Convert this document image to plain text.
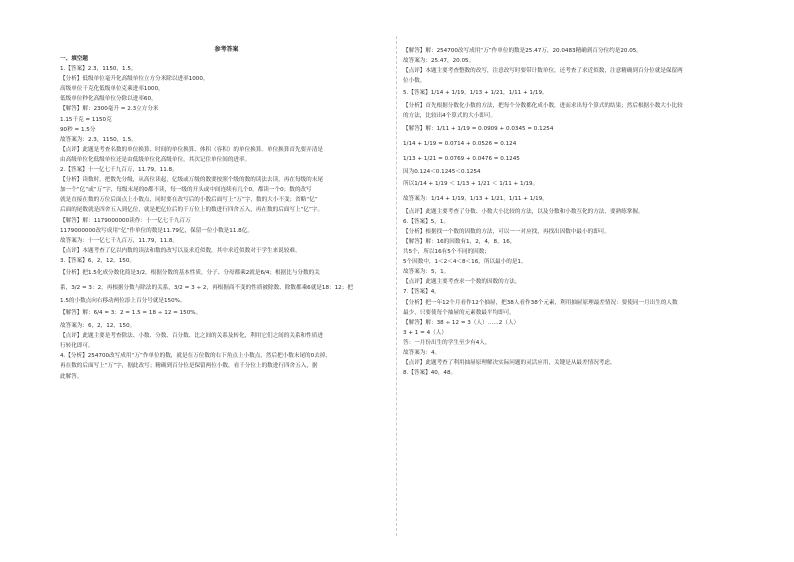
参考答案
一、填空题
1.【答案】2.3，1150，1.5。
【分析】低级单位毫升化高级单位立方分米除以进率1000。
高级单位千克化低级单位克乘进率1000。
低级单位秒化高级单位分除以进率60。
【解答】解：2300毫升 = 2.3立方分米
1.15千克 = 1150克
90秒 = 1.5分
故答案为：2.3，1150，1.5。
【点评】此题是考查名数的单位换算、时间的单位换算、体积（容积）的单位换算。单位换算首先要弄清是
由高级单位化低级单位还是由低级单位化高级单位，其次记住单位间的进率。
2.【答案】十一亿七千九百万，11.79，11.8。
【分析】读数时，把数先分级，从高位读起，亿级或万级的数要按照个级的数的读法去读，再在每级的末尾
加一个“亿”或“万”字，每级末尾的0都不读，每一级的开头或中间连续有几个0，都读一个0；数的改写
就是直接在数的万位后面点上小数点，同时要在改写后的小数后面写上“万”字，数的大小不变；省略“亿”
后面的尾数就是四舍五入到亿位，就是把亿位后的千万位上的数进行四舍五入，再在数的后面写上“亿”字。
【解答】解：1179000000读作：十一亿七千九百万
1179000000改写成用“亿”作单位的数是11.79亿，保留一位小数是11.8亿。
故答案为：十一亿七千九百万，11.79，11.8。
【点评】本题考查了亿以内数的读法和数的改写以及求近似数，其中求近似数对于学生来说较难。
3.【答案】6，2，12，150。
【分析】把1.5化成分数化简是3/2，根据分数的基本性质，分子、分母都乘2就是6/4；根据比与分数的关
系，3/2 = 3：2，再根据分数与除法的关系，3/2 = 3 ÷ 2，再根据商不变的性质被除数、除数都乘6就是18：12；把
1.5的小数点向右移动两位添上百分号就是150%。
【解答】解：6/4 = 3：2 = 1.5 = 18 ÷ 12 = 150%。
故答案为：6，2，12，150。
【点评】此题主要是考查除法、小数、分数、百分数、比之间的关系及转化，利用它们之间的关系和性质进
行转化即可。
4.【分析】254700改写成用“万”作单位的数，就是在万位数的右下角点上小数点，然后把小数末尾的0去掉，
再在数的后面写上“万”字，据此改写；精确到百分位是保留两位小数，看千分位上的数进行四舍五入，据
此解答。
【解答】解：254700改写成用“万”作单位的数是25.47万，20.0483精确到百分位约是20.05。
故答案为：25.47，20.05。
【点评】本题主要考查整数的改写，注意改写时要带计数单位，还考查了求近似数，注意精确到百分位就是保留两
位小数。
5.【答案】1/14 + 1/19，1/13 + 1/21，1/11 + 1/19。
【分析】首先根据分数化小数的方法，把每个分数都化成小数，进而求出每个算式的结果；然后根据小数大小比较
的方法，比较出4个算式的大小即可。
【解答】解：1/11 + 1/19 = 0.0909 + 0.0345 = 0.1254
1/14 + 1/19 = 0.0714 + 0.0526 = 0.124
1/13 + 1/21 = 0.0769 + 0.0476 = 0.1245
因为0.124＜0.1245＜0.1254
所以1/14 + 1/19 ＜ 1/13 + 1/21 ＜ 1/11 + 1/19。
故答案为：1/14 + 1/19，1/13 + 1/21，1/11 + 1/19。
【点评】此题主要考查了分数、小数大小比较的方法，以及分数和小数互化的方法，要熟练掌握。
6.【答案】5，1。
【分析】根据找一个数的因数的方法，可以一一对应找，再找出因数中最小的即可。
【解答】解：16的因数有1，2，4，8，16。
共5个，所以16有5个不同的因数；
5个因数中，1＜2＜4＜8＜16，所以最小的是1。
故答案为：5，1。
【点评】此题主要考查求一个数的因数的方法。
7.【答案】4。
【分析】把一年12个月看作12个抽屉，把38人看作38个元素，利用抽屉原理最差情况：要使同一月出生的人数
最少，只要使每个抽屉的元素数最平均即可。
【解答】解：38 ÷ 12 = 3（人）……2（人）
3 + 1 = 4（人）
答：一月份出生的学生至少有4人。
故答案为：4。
【点评】此题考查了利用抽屉原理解决实际问题的灵活应用，关键是从最差情况考虑。
8.【答案】40，48。
